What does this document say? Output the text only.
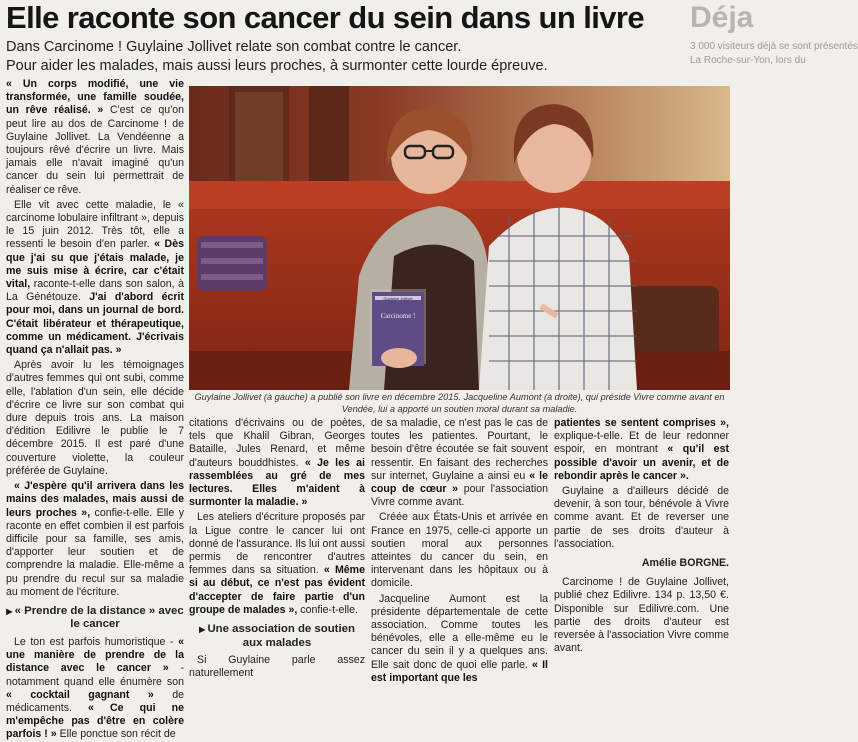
Elle raconte son cancer du sein dans un livre	Déja
3 000 visiteurs déjà se sont présentés
La Roche-sur-Yon, lors du
Dans Carcinome ! Guylaine Jollivet relate son combat contre le cancer.
Pour aider les malades, mais aussi leurs proches, à surmonter cette lourde épreuve.

« Un corps modifié, une vie transformée, une famille soudée, un rêve réalisé. » C'est ce qu'on peut lire au dos de Carcinome ! de Guylaine Jollivet. La Vendéenne a toujours rêvé d'écrire un livre. Mais jamais elle n'avait imaginé qu'un cancer du sein lui permettrait de réaliser ce rêve.

Elle vit avec cette maladie, le « carcinome lobulaire infiltrant », depuis le 15 juin 2012. Très tôt, elle a ressenti le besoin d'en parler. « Dès que j'ai su que j'étais malade, je me suis mise à écrire, car c'était vital, raconte-t-elle dans son salon, à La Génétouze. J'ai d'abord écrit pour moi, dans un journal de bord. C'était libérateur et thérapeutique, comme un médicament. J'écrivais quand ça n'allait pas. »

Après avoir lu les témoignages d'autres femmes qui ont subi, comme elle, l'ablation d'un sein, elle décide d'écrire ce livre sur son combat qui dure depuis trois ans. La maison d'édition Edilivre le publie le 7 décembre 2015. Il est paré d'une couverture violette, la couleur préférée de Guylaine.

« J'espère qu'il arrivera dans les mains des malades, mais aussi de leurs proches », confie-t-elle. Elle y raconte en effet combien il est parfois difficile pour sa famille, ses amis, d'apporter leur soutien et de comprendre la maladie. Elle-même a pu prendre du recul sur sa maladie au moment de l'écriture.

▶ « Prendre de la distance » avec le cancer

Le ton est parfois humoristique - « une manière de prendre de la distance avec le cancer » - notamment quand elle énumère son « cocktail gagnant » de médicaments. « Ce qui ne m'empêche pas d'être en colère parfois ! » Elle ponctue son récit de

Carcinome !
Guylaine Jollivet
Guylaine Jollivet (à gauche) a publié son livre en décembre 2015. Jacqueline Aumont (à droite), qui préside Vivre comme avant en Vendée, lui a apporté un soutien moral durant sa maladie.

citations d'écrivains ou de poètes, tels que Khalil Gibran, Georges Bataille, Jules Renard, et même d'auteurs bouddhistes. « Je les ai rassemblées au gré de mes lectures. Elles m'aident à surmonter la maladie. »

Les ateliers d'écriture proposés par la Ligue contre le cancer lui ont donné de l'assurance. Ils lui ont aussi permis de rencontrer d'autres femmes dans sa situation. « Même si au début, ce n'est pas évident d'accepter de faire partie d'un groupe de malades », confie-t-elle.

▶ Une association de soutien aux malades

Si Guylaine parle assez naturellement

de sa maladie, ce n'est pas le cas de toutes les patientes. Pourtant, le besoin d'être écoutée se fait souvent ressentir. En faisant des recherches sur internet, Guylaine a ainsi eu « le coup de cœur » pour l'association Vivre comme avant.

Créée aux États-Unis et arrivée en France en 1975, celle-ci apporte un soutien moral aux personnes atteintes du cancer du sein, en intervenant dans les hôpitaux ou à domicile.

Jacqueline Aumont est la présidente départementale de cette association. Comme toutes les bénévoles, elle a elle-même eu le cancer du sein il y a quelques ans. Elle sait donc de quoi elle parle. « Il est important que les

patientes se sentent comprises », explique-t-elle. Et de leur redonner espoir, en montrant « qu'il est possible d'avoir un avenir, et de rebondir après le cancer ».

Guylaine a d'ailleurs décidé de devenir, à son tour, bénévole à Vivre comme avant. Et de reverser une partie de ses droits d'auteur à l'association.

Amélie BORGNE.

Carcinome ! de Guylaine Jollivet, publié chez Edilivre. 134 p. 13,50 €. Disponible sur Edilivre.com. Une partie des droits d'auteur est reversée à l'association Vivre comme avant.
